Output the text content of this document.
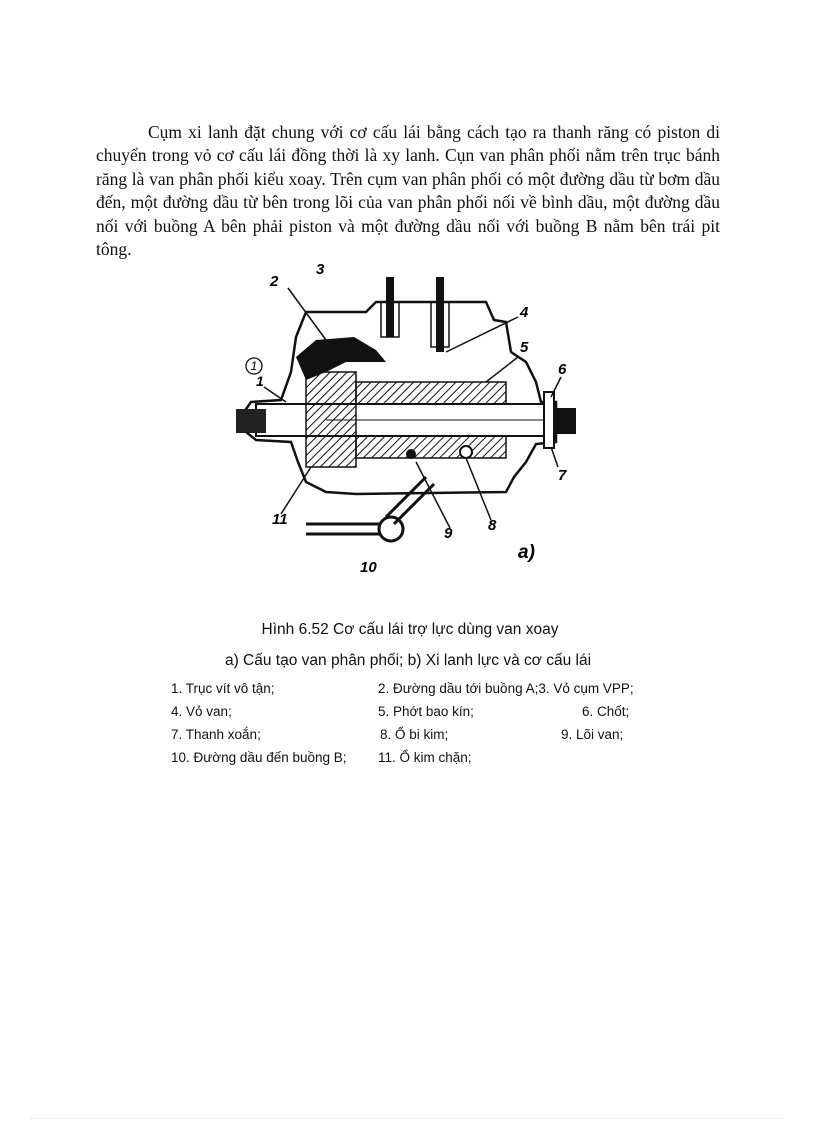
Cụm xi lanh đặt chung với cơ cấu lái bằng cách tạo ra thanh răng có piston di chuyển trong vỏ cơ cấu lái đồng thời là xy lanh. Cụn van phân phối nằm trên trục bánh răng là van phân phối kiểu xoay. Trên cụm van phân phối có một đường dầu từ bơm dầu đến, một đường dầu từ bên trong lõi của van phân phối nối về bình dầu, một đường dầu nối với buồng A bên phải piston và một đường dầu nối với buồng B nằm bên trái pit tông.

1
1
2
3
4
5
6
7
8
9
10
11
a)
Hình 6.52 Cơ cấu lái trợ lực dùng van xoay
a) Cấu tạo van phân phối; b) Xi lanh lực và cơ cấu lái
1. Trục vít vô tận;	2. Đường dầu tới buồng A;3. Vỏ cụm VPP;
4. Vỏ van;	5. Phớt bao kín;	6. Chốt;
7. Thanh xoắn;	8. Ổ bi kim;	9. Lõi van;
10. Đường dầu đến buồng B; 11. Ổ kim chặn;
